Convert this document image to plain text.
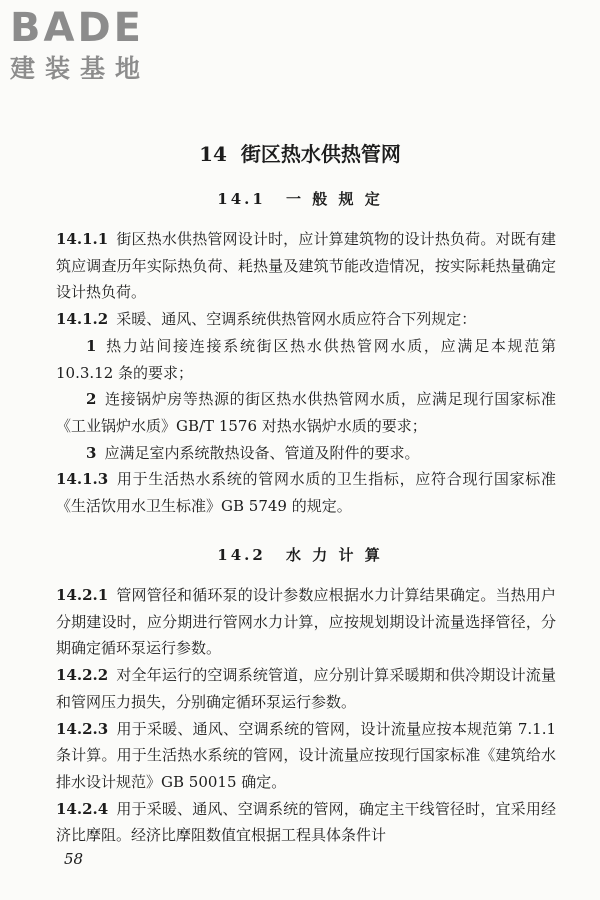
BADE
建装基地
14 街区热水供热管网
14.1 一 般 规 定

14.1.1 街区热水供热管网设计时，应计算建筑物的设计热负荷。对既有建筑应调查历年实际热负荷、耗热量及建筑节能改造情况，按实际耗热量确定设计热负荷。

14.1.2 采暖、通风、空调系统供热管网水质应符合下列规定：

1 热力站间接连接系统街区热水供热管网水质，应满足本规范第 10.3.12 条的要求；

2 连接锅炉房等热源的街区热水供热管网水质，应满足现行国家标准《工业锅炉水质》GB/T 1576 对热水锅炉水质的要求；

3 应满足室内系统散热设备、管道及附件的要求。

14.1.3 用于生活热水系统的管网水质的卫生指标，应符合现行国家标准《生活饮用水卫生标准》GB 5749 的规定。

14.2 水 力 计 算

14.2.1 管网管径和循环泵的设计参数应根据水力计算结果确定。当热用户分期建设时，应分期进行管网水力计算，应按规划期设计流量选择管径，分期确定循环泵运行参数。

14.2.2 对全年运行的空调系统管道，应分别计算采暖期和供冷期设计流量和管网压力损失，分别确定循环泵运行参数。

14.2.3 用于采暖、通风、空调系统的管网，设计流量应按本规范第 7.1.1 条计算。用于生活热水系统的管网，设计流量应按现行国家标准《建筑给水排水设计规范》GB 50015 确定。

14.2.4 用于采暖、通风、空调系统的管网，确定主干线管径时，宜采用经济比摩阻。经济比摩阻数值宜根据工程具体条件计

58
